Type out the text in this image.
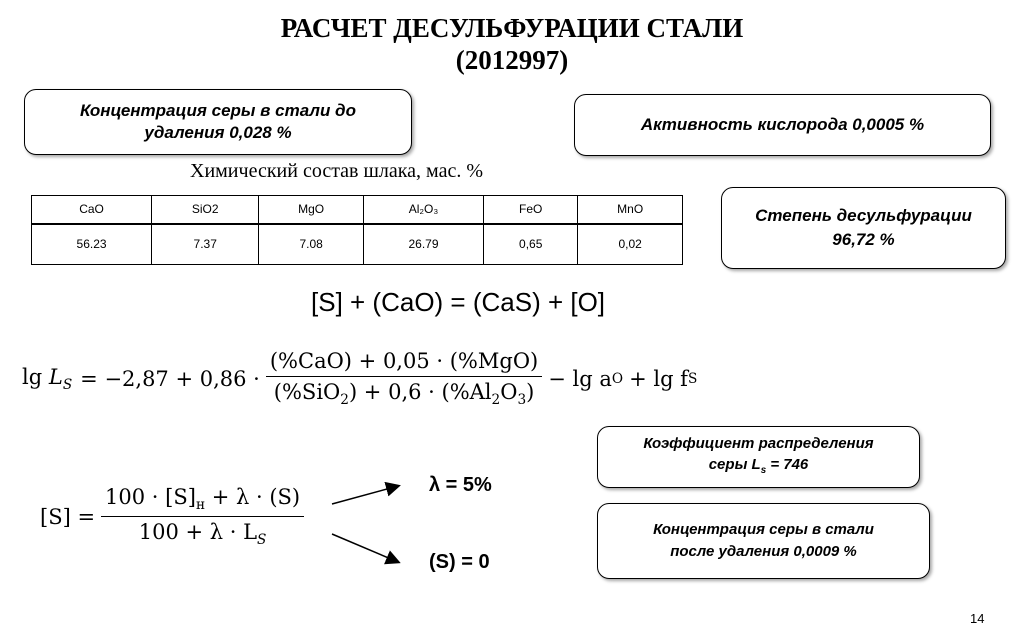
РАСЧЕТ ДЕСУЛЬФУРАЦИИ СТАЛИ
(2012997)
Концентрация серы в стали до
удаления 0,028 %	Активность кислорода 0,0005 %
Химический состав шлака, мас. %
CaO	SiO2	MgO	Al₂O₃	FeO	MnO
56.23	7.37	7.08	26.79	0,65	0,02
Степень десульфурации
96,72 %
[S] + (CaO) = (CaS) + [O]
$\lg L_S = -2,87 + 0,86 \cdot \frac{\text{(\%CaO) + 0,05 · (\%MgO)}}{(\%SiO_2) + 0,6 \cdot (\%Al_2O_3)} - \lg a$ O + lg f S
Коэффициент распределения
серы $L_s = 746$
$[S] = \frac{100 \cdot [S]_н + \lambda \cdot (S)}{100 + \lambda \cdot L_S}$	λ = 5%
(S) = 0
Концентрация серы в стали
после удаления 0,0009 %
14
